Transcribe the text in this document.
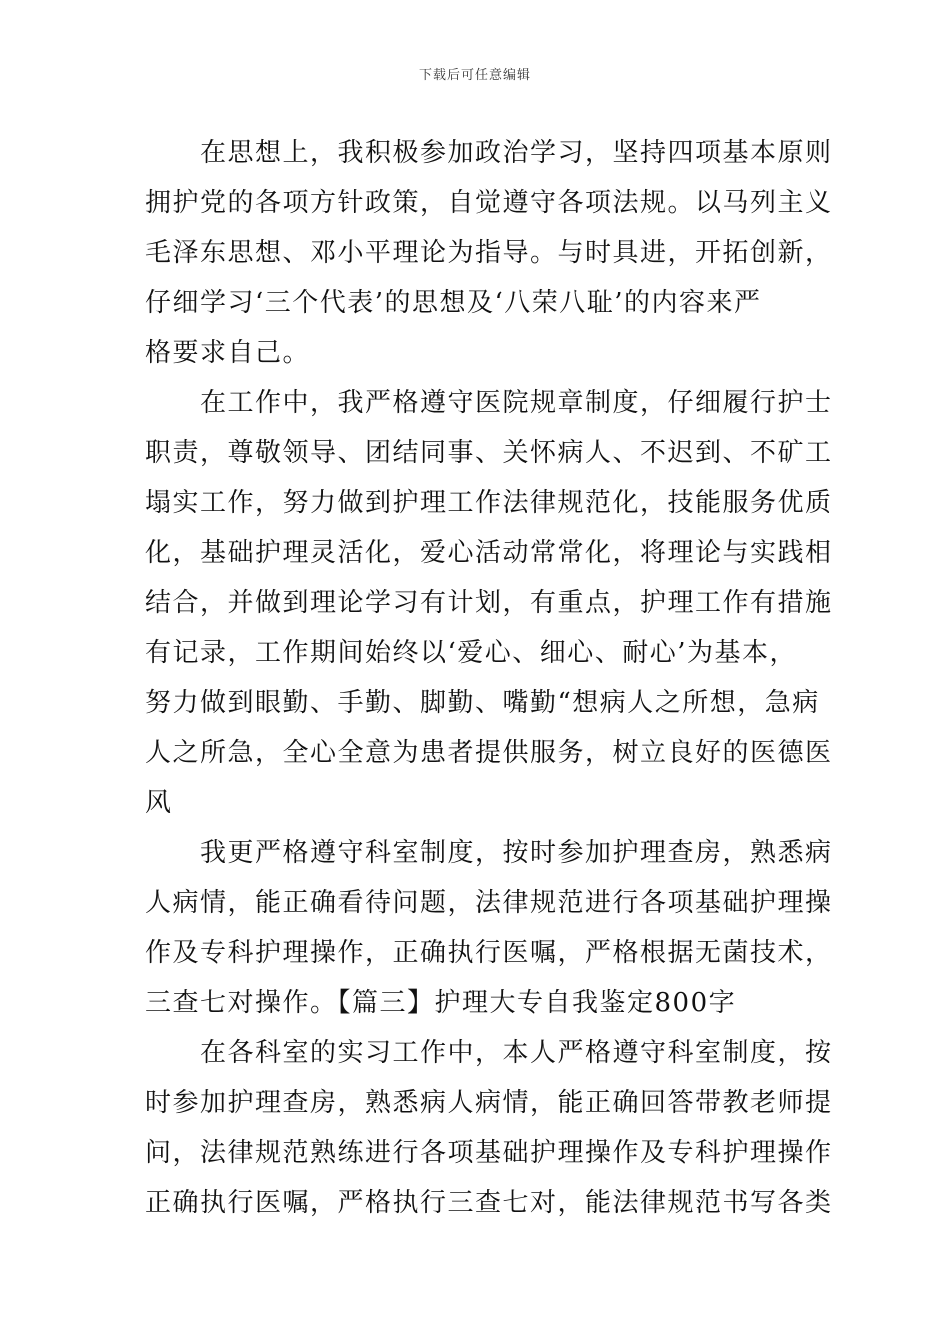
下载后可任意编辑
　　在思想上，我积极参加政治学习，坚持四项基本原则
拥护党的各项方针政策，自觉遵守各项法规。以马列主义
毛泽东思想、邓小平理论为指导。与时具进，开拓创新，
仔细学习‘三个代表’的思想及‘八荣八耻’的内容来严
格要求自己。
　　在工作中，我严格遵守医院规章制度，仔细履行护士
职责，尊敬领导、团结同事、关怀病人、不迟到、不矿工
塌实工作，努力做到护理工作法律规范化，技能服务优质
化，基础护理灵活化，爱心活动常常化，将理论与实践相
结合，并做到理论学习有计划，有重点，护理工作有措施
有记录，工作期间始终以‘爱心、细心、耐心’为基本，
努力做到眼勤、手勤、脚勤、嘴勤“想病人之所想，急病
人之所急，全心全意为患者提供服务，树立良好的医德医
风
　　我更严格遵守科室制度，按时参加护理查房，熟悉病
人病情，能正确看待问题，法律规范进行各项基础护理操
作及专科护理操作，正确执行医嘱，严格根据无菌技术，
三查七对操作。【篇三】护理大专自我鉴定800字
　　在各科室的实习工作中，本人严格遵守科室制度，按
时参加护理查房，熟悉病人病情，能正确回答带教老师提
问，法律规范熟练进行各项基础护理操作及专科护理操作
正确执行医嘱，严格执行三查七对，能法律规范书写各类
